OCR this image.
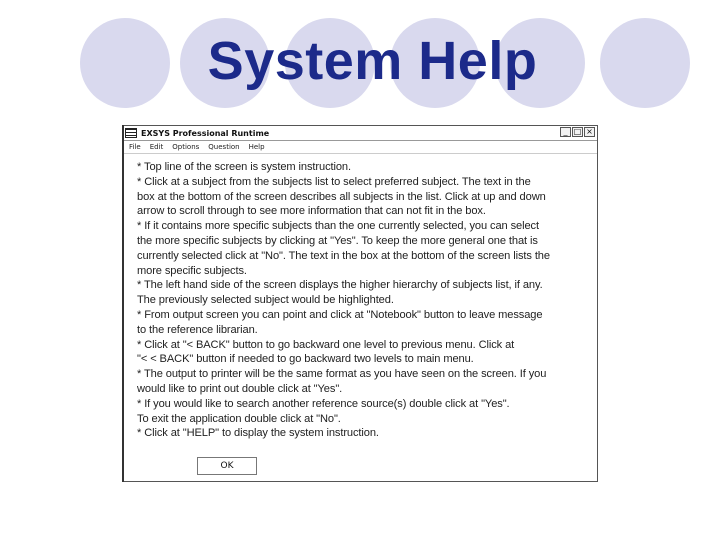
System Help
EXSYS Professional Runtime	_ □ ×
File Edit Options Question Help
* Top line of the screen is system instruction.
* Click at a subject from the subjects list to select preferred subject. The text in the
box at the bottom of the screen describes all subjects in the list. Click at up and down
arrow to scroll through to see more information that can not fit in the box.
* If it contains more specific subjects than the one currently selected, you can select
the more specific subjects by clicking at "Yes". To keep the more general one that is
currently selected click at "No". The text in the box at the bottom of the screen lists the
more specific subjects.
* The left hand side of the screen displays the higher hierarchy of subjects list, if any.
The previously selected subject would be highlighted.
* From output screen you can point and click at "Notebook" button to leave message
to the reference librarian.
* Click at "< BACK" button to go backward one level to previous menu. Click at
"< < BACK" button if needed to go backward two levels to main menu.
* The output to printer will be the same format as you have seen on the screen. If you
would like to print out double click at "Yes".
* If you would like to search another reference source(s) double click at "Yes".
To exit the application double click at "No".
* Click at "HELP" to display the system instruction.
OK
